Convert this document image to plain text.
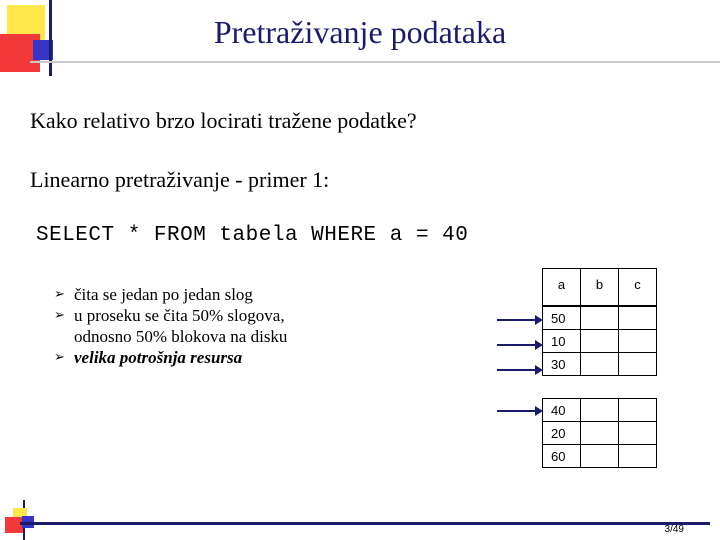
Pretraživanje podataka
Kako relativo brzo locirati tražene podatke?
Linearno pretraživanje - primer 1:
SELECT * FROM tabela WHERE a = 40
➢ čita se jedan po jedan slog
➢ u proseku se čita 50% slogova,
odnosno 50% blokova na disku
➢ velika potrošnja resursa
a	b	c
50		
10		
30		
40		
20		
60		
3/49
